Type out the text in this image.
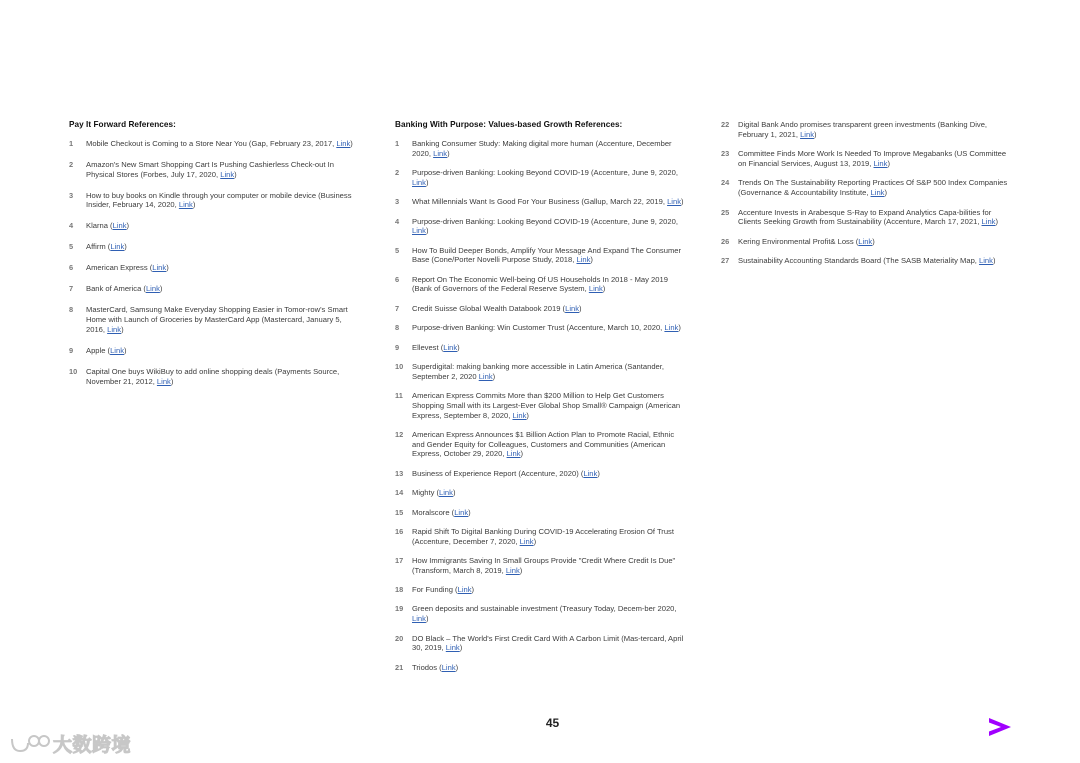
Pay It Forward References:
1 Mobile Checkout is Coming to a Store Near You (Gap, February 23, 2017, Link)
2 Amazon's New Smart Shopping Cart Is Pushing Cashierless Check-out In Physical Stores (Forbes, July 17, 2020, Link)
3 How to buy books on Kindle through your computer or mobile device (Business Insider, February 14, 2020, Link)
4 Klarna (Link)
5 Affirm (Link)
6 American Express (Link)
7 Bank of America (Link)
8 MasterCard, Samsung Make Everyday Shopping Easier in Tomor-row's Smart Home with Launch of Groceries by MasterCard App (Mastercard, January 5, 2016, Link)
9 Apple (Link)
10 Capital One buys WikiBuy to add online shopping deals (Payments Source, November 21, 2012, Link)
Banking With Purpose: Values-based Growth References:
1 Banking Consumer Study: Making digital more human (Accenture, December 2020, Link)
2 Purpose-driven Banking: Looking Beyond COVID-19 (Accenture, June 9, 2020, Link)
3 What Millennials Want Is Good For Your Business (Gallup, March 22, 2019, Link)
4 Purpose-driven Banking: Looking Beyond COVID-19 (Accenture, June 9, 2020, Link)
5 How To Build Deeper Bonds, Amplify Your Message And Expand The Consumer Base (Cone/Porter Novelli Purpose Study, 2018, Link)
6 Report On The Economic Well-being Of US Households In 2018 - May 2019 (Bank of Governors of the Federal Reserve System, Link)
7 Credit Suisse Global Wealth Databook 2019 (Link)
8 Purpose-driven Banking: Win Customer Trust (Accenture, March 10, 2020, Link)
9 Ellevest (Link)
10 Superdigital: making banking more accessible in Latin America (Santander, September 2, 2020 Link)
11 American Express Commits More than $200 Million to Help Get Customers Shopping Small with its Largest-Ever Global Shop Small® Campaign (American Express, September 8, 2020, Link)
12 American Express Announces $1 Billion Action Plan to Promote Racial, Ethnic and Gender Equity for Colleagues, Customers and Communities (American Express, October 29, 2020, Link)
13 Business of Experience Report (Accenture, 2020) (Link)
14 Mighty (Link)
15 Moralscore (Link)
16 Rapid Shift To Digital Banking During COVID-19 Accelerating Erosion Of Trust (Accenture, December 7, 2020, Link)
17 How Immigrants Saving In Small Groups Provide "Credit Where Credit Is Due" (Transform, March 8, 2019, Link)
18 For Funding (Link)
19 Green deposits and sustainable investment (Treasury Today, Decem-ber 2020, Link)
20 DO Black – The World's First Credit Card With A Carbon Limit (Mas-tercard, April 30, 2019, Link)
21 Triodos (Link)
22 Digital Bank Ando promises transparent green investments (Banking Dive, February 1, 2021, Link)
23 Committee Finds More Work Is Needed To Improve Megabanks (US Committee on Financial Services, August 13, 2019, Link)
24 Trends On The Sustainability Reporting Practices Of S&P 500 Index Companies (Governance & Accountability Institute, Link)
25 Accenture Invests in Arabesque S-Ray to Expand Analytics Capa-bilities for Clients Seeking Growth from Sustainability (Accenture, March 17, 2021, Link)
26 Kering Environmental Profit& Loss (Link)
27 Sustainability Accounting Standards Board (The SASB Materiality Map, Link)
45
大数跨境
